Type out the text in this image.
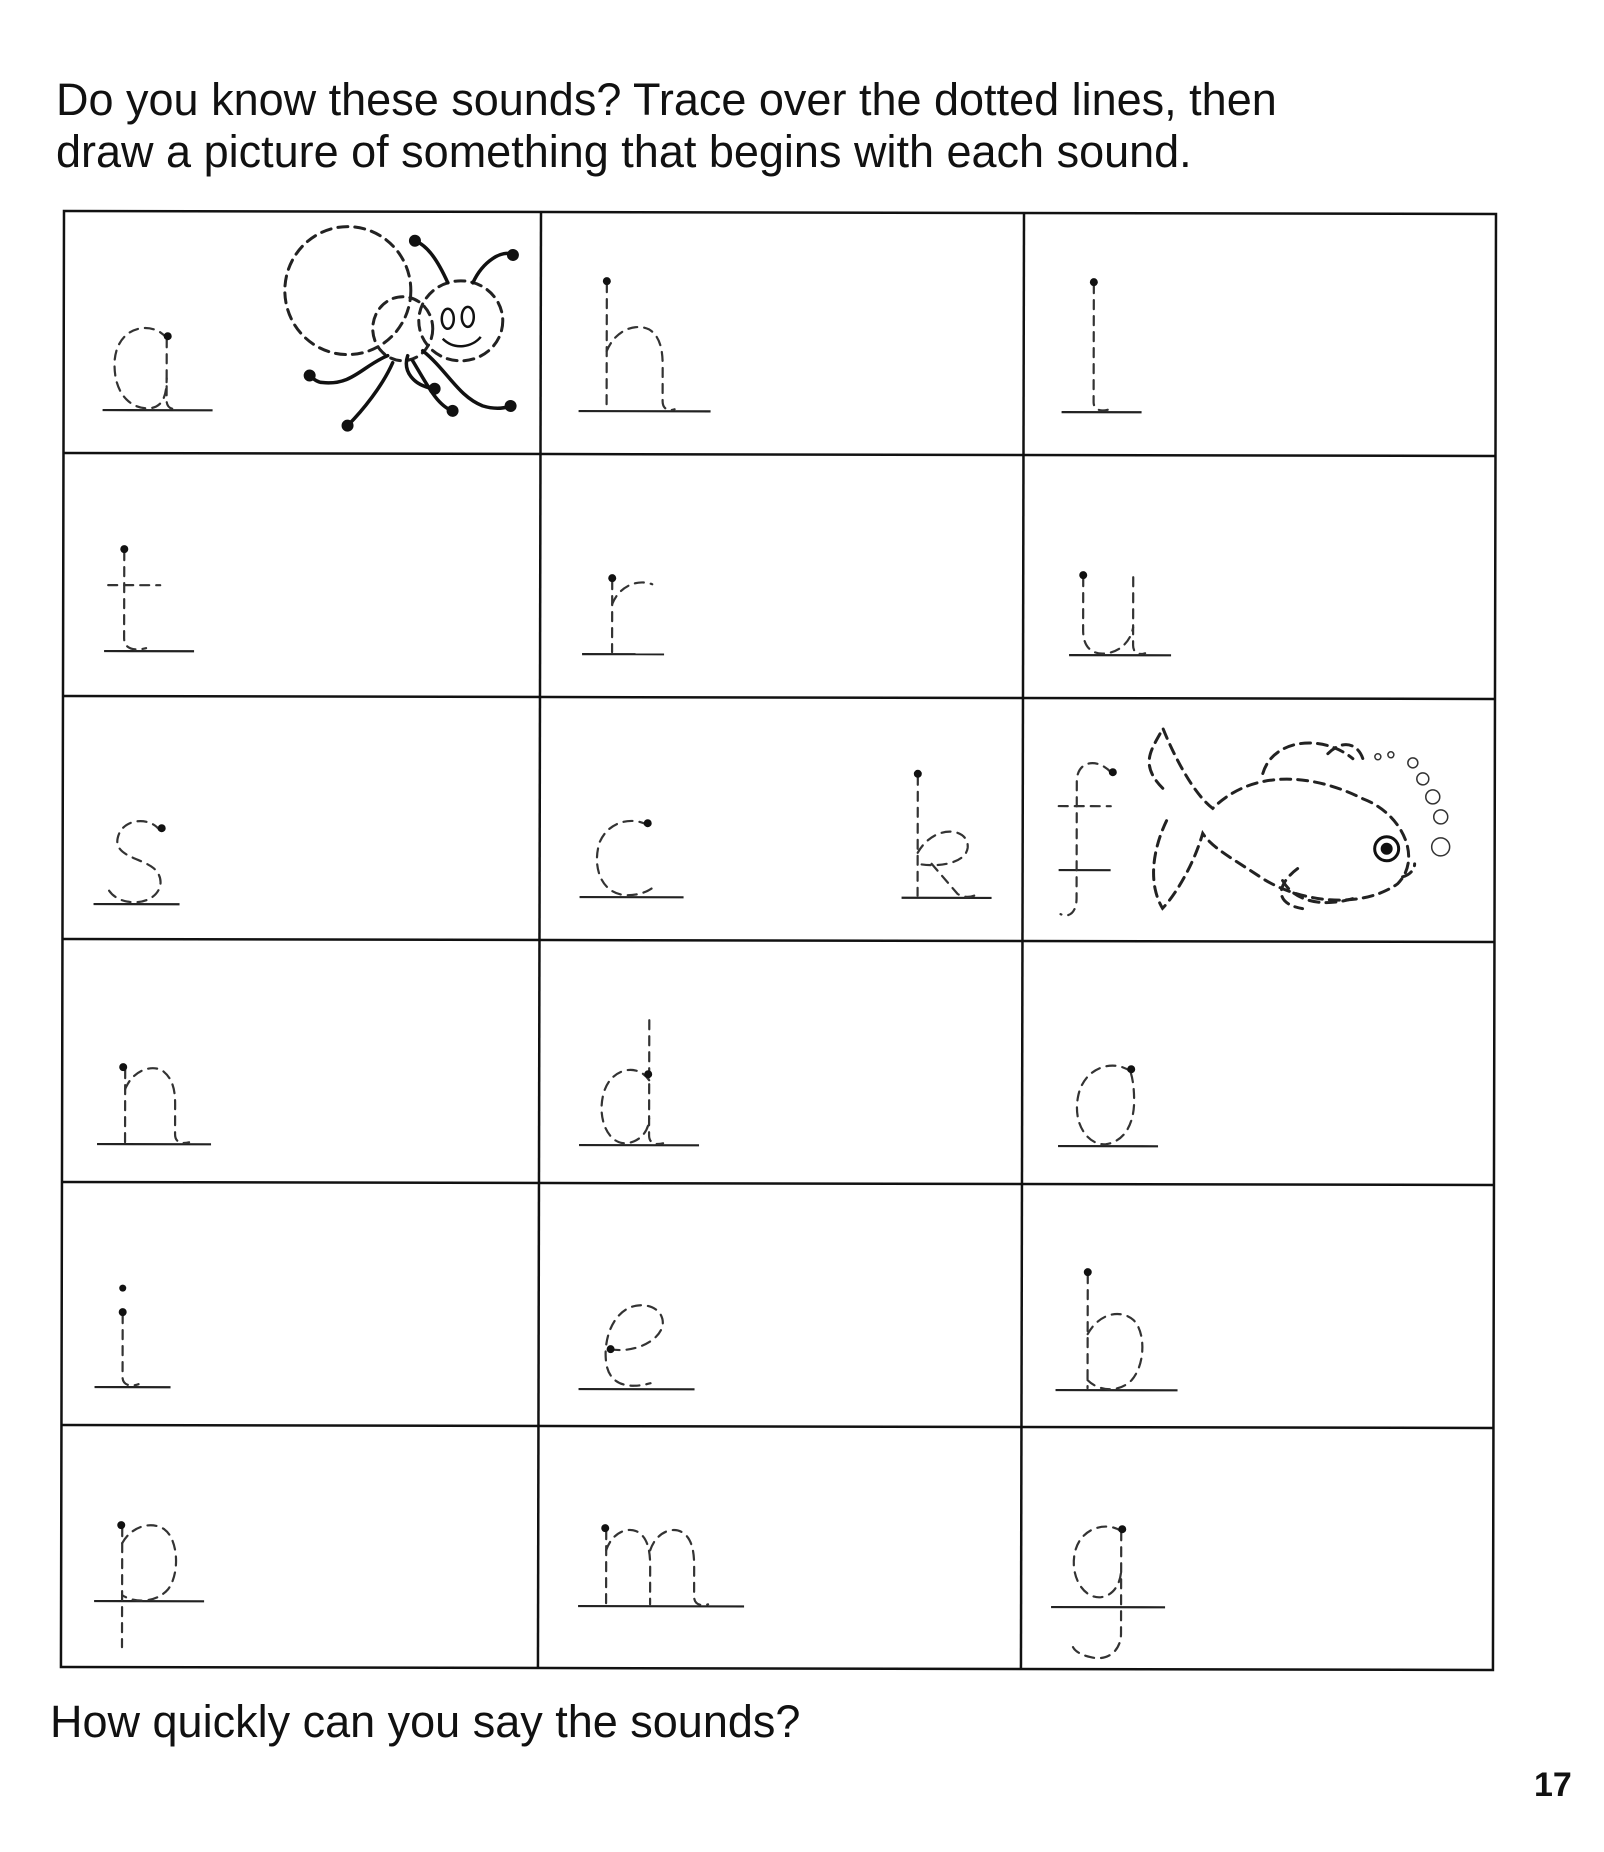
Do you know these sounds? Trace over the dotted lines, then
draw a picture of something that begins with each sound.

How quickly can you say the sounds?

17
